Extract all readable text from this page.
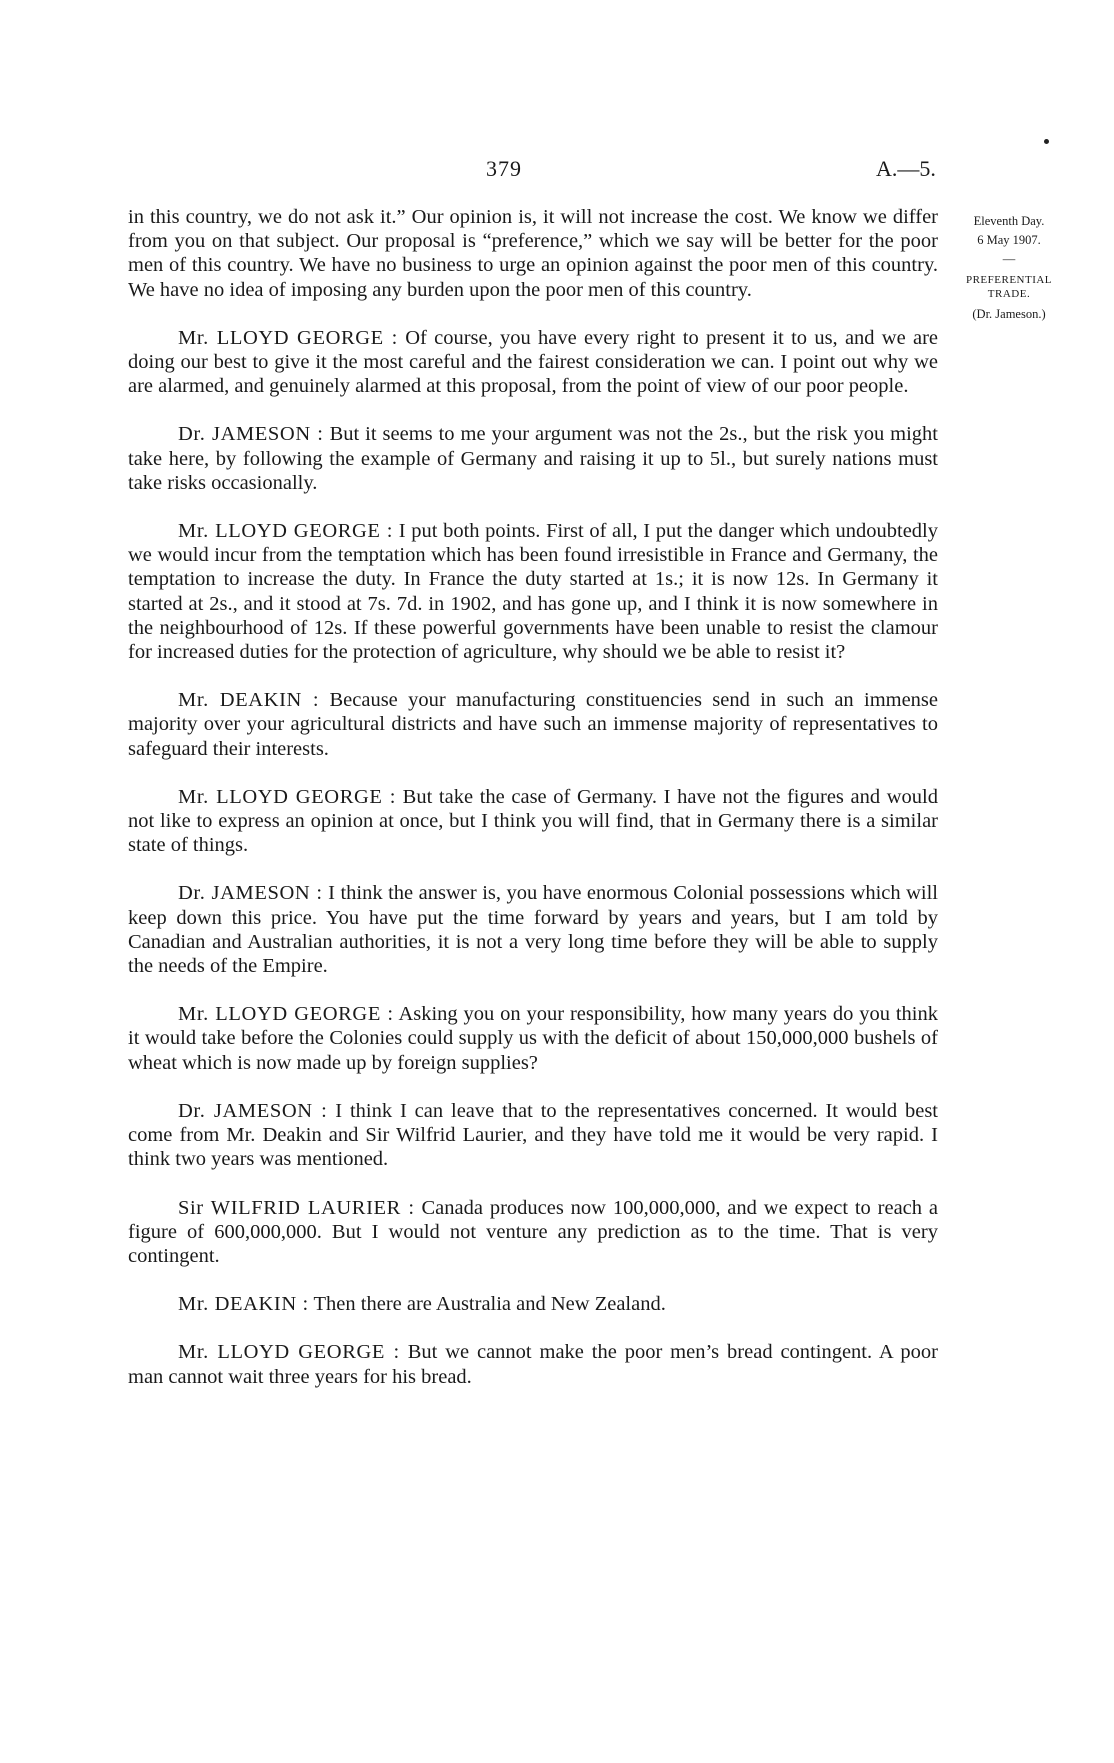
379	A.—5.
Eleventh Day.
6 May 1907.
—
PREFERENTIAL TRADE.
(Dr. Jameson.)

in this country, we do not ask it.” Our opinion is, it will not increase the cost. We know we differ from you on that subject. Our proposal is “preference,” which we say will be better for the poor men of this country. We have no business to urge an opinion against the poor men of this country. We have no idea of imposing any burden upon the poor men of this country.

Mr. LLOYD GEORGE : Of course, you have every right to present it to us, and we are doing our best to give it the most careful and the fairest consideration we can. I point out why we are alarmed, and genuinely alarmed at this proposal, from the point of view of our poor people.

Dr. JAMESON : But it seems to me your argument was not the 2s., but the risk you might take here, by following the example of Germany and raising it up to 5l., but surely nations must take risks occasionally.

Mr. LLOYD GEORGE : I put both points. First of all, I put the danger which undoubtedly we would incur from the temptation which has been found irresistible in France and Germany, the temptation to increase the duty. In France the duty started at 1s.; it is now 12s. In Germany it started at 2s., and it stood at 7s. 7d. in 1902, and has gone up, and I think it is now somewhere in the neighbourhood of 12s. If these powerful governments have been unable to resist the clamour for increased duties for the protection of agriculture, why should we be able to resist it?

Mr. DEAKIN : Because your manufacturing constituencies send in such an immense majority over your agricultural districts and have such an immense majority of representatives to safeguard their interests.

Mr. LLOYD GEORGE : But take the case of Germany. I have not the figures and would not like to express an opinion at once, but I think you will find, that in Germany there is a similar state of things.

Dr. JAMESON : I think the answer is, you have enormous Colonial possessions which will keep down this price. You have put the time forward by years and years, but I am told by Canadian and Australian authorities, it is not a very long time before they will be able to supply the needs of the Empire.

Mr. LLOYD GEORGE : Asking you on your responsibility, how many years do you think it would take before the Colonies could supply us with the deficit of about 150,000,000 bushels of wheat which is now made up by foreign supplies?

Dr. JAMESON : I think I can leave that to the representatives concerned. It would best come from Mr. Deakin and Sir Wilfrid Laurier, and they have told me it would be very rapid. I think two years was mentioned.

Sir WILFRID LAURIER : Canada produces now 100,000,000, and we expect to reach a figure of 600,000,000. But I would not venture any prediction as to the time. That is very contingent.

Mr. DEAKIN : Then there are Australia and New Zealand.

Mr. LLOYD GEORGE : But we cannot make the poor men’s bread contingent. A poor man cannot wait three years for his bread.
